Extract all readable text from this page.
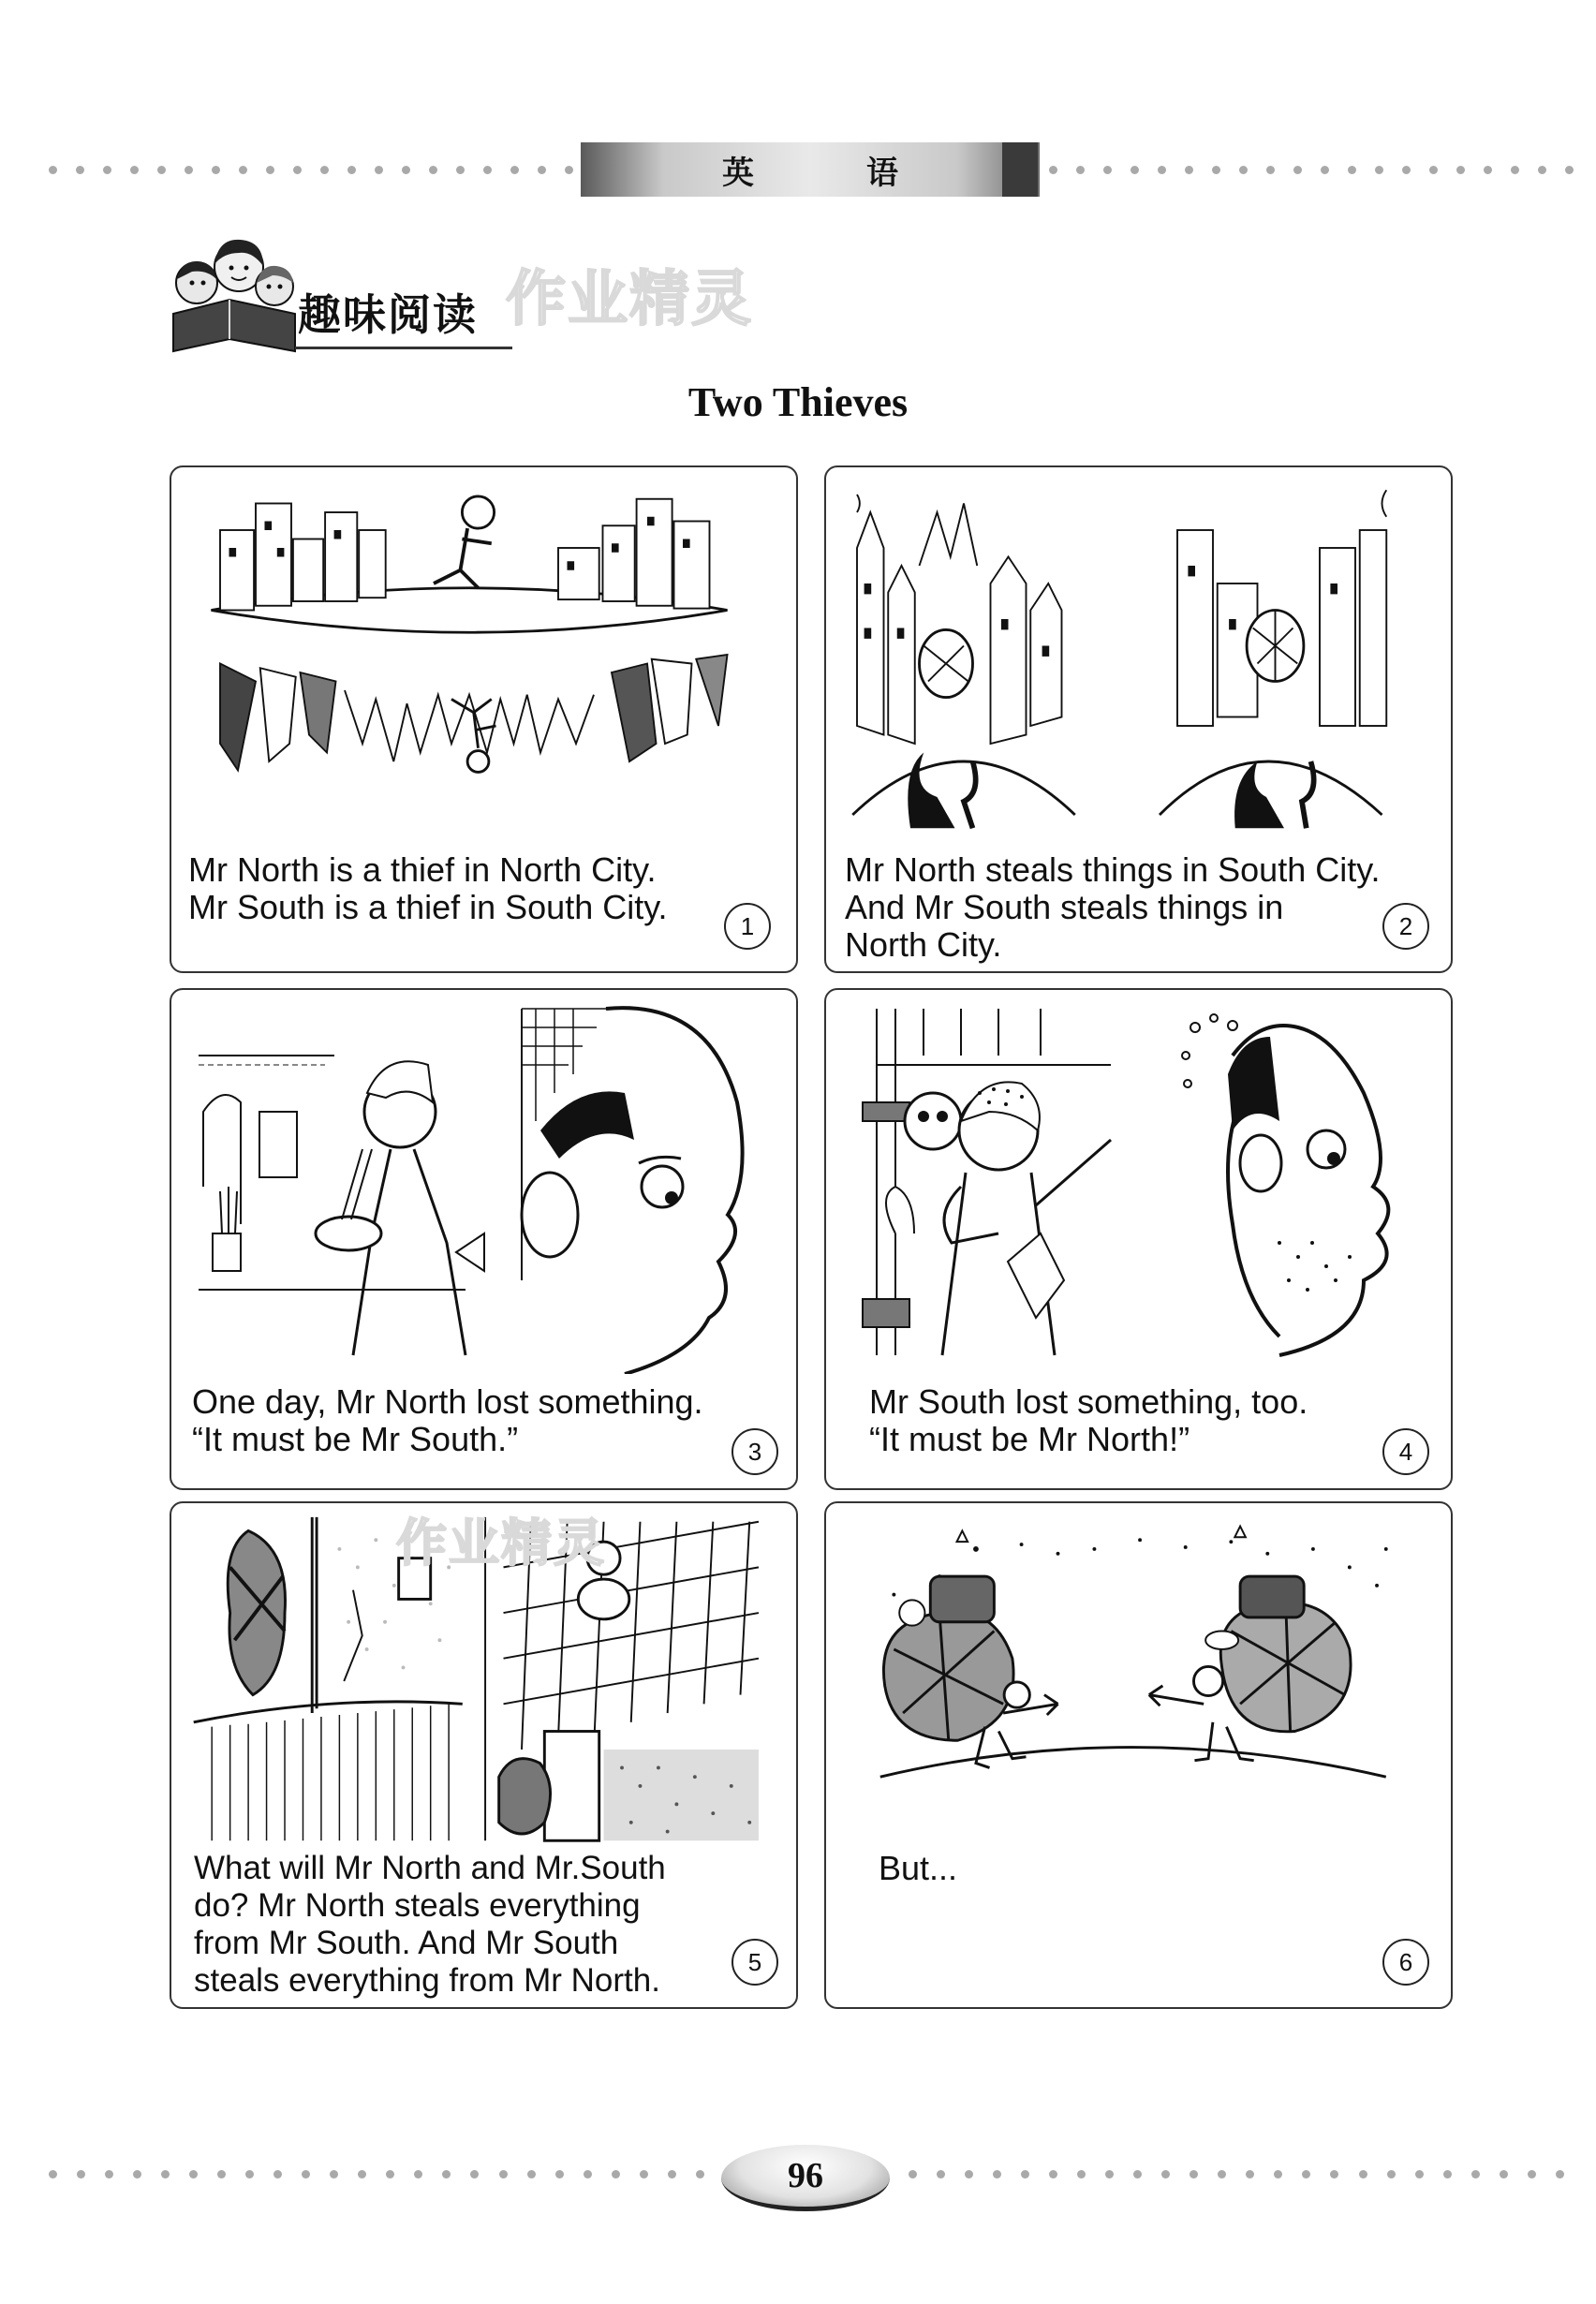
英	语
趣味阅读 作业精灵
Two Thieves

Mr North is a thief in North City.
Mr South is a thief in South City.	1

Mr North steals things in South City.
And Mr South steals things in
North City.	2

One day, Mr North lost something.
“It must be Mr South.”	3

Mr South lost something, too.
“It must be Mr North!”	4
作业精灵

What will Mr North and Mr.South
do? Mr North steals everything
from Mr South. And Mr South
steals everything from Mr North.

5

But...

6
96
